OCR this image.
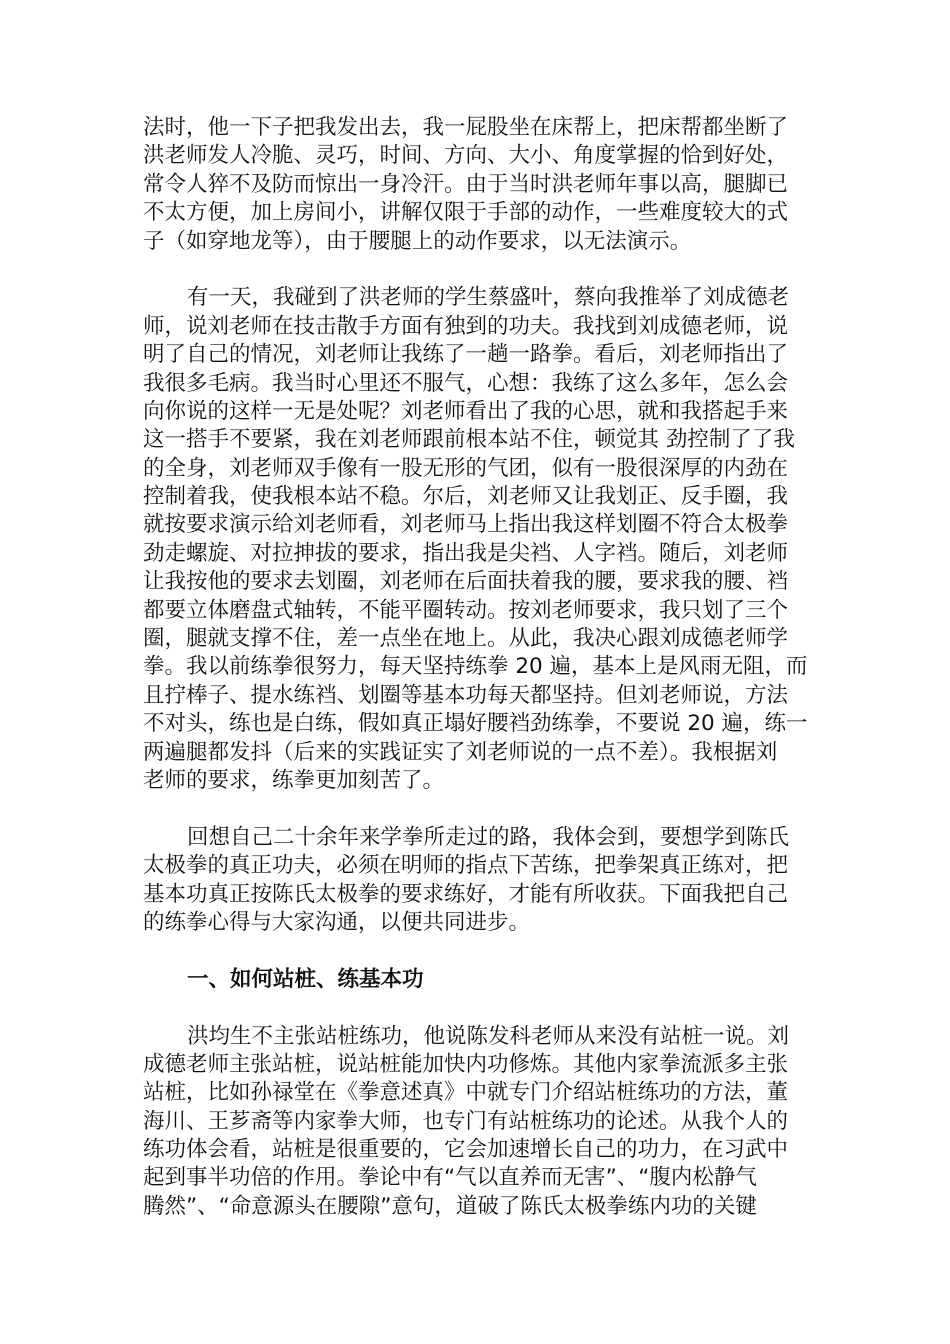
法时，他一下子把我发出去，我一屁股坐在床帮上，把床帮都坐断了
洪老师发人冷脆、灵巧，时间、方向、大小、角度掌握的恰到好处，
常令人猝不及防而惊出一身冷汗。由于当时洪老师年事以高，腿脚已
不太方便，加上房间小，讲解仅限于手部的动作，一些难度较大的式
子（如穿地龙等），由于腰腿上的动作要求，以无法演示。
有一天，我碰到了洪老师的学生蔡盛叶，蔡向我推举了刘成德老
师，说刘老师在技击散手方面有独到的功夫。我找到刘成德老师，说
明了自己的情况，刘老师让我练了一趟一路拳。看后，刘老师指出了
我很多毛病。我当时心里还不服气，心想：我练了这么多年，怎么会
向你说的这样一无是处呢？刘老师看出了我的心思，就和我搭起手来
这一搭手不要紧，我在刘老师跟前根本站不住，顿觉其 劲控制了了我
的全身，刘老师双手像有一股无形的气团，似有一股很深厚的内劲在
控制着我，使我根本站不稳。尔后，刘老师又让我划正、反手圈，我
就按要求演示给刘老师看，刘老师马上指出我这样划圈不符合太极拳
劲走螺旋、对拉抻拔的要求，指出我是尖裆、人字裆。随后，刘老师
让我按他的要求去划圈，刘老师在后面扶着我的腰，要求我的腰、裆
都要立体磨盘式轴转，不能平圈转动。按刘老师要求，我只划了三个
圈，腿就支撑不住，差一点坐在地上。从此，我决心跟刘成德老师学
拳。我以前练拳很努力，每天坚持练拳 20 遍，基本上是风雨无阻，而
且拧棒子、提水练裆、划圈等基本功每天都坚持。但刘老师说，方法
不对头，练也是白练，假如真正塌好腰裆劲练拳，不要说 20 遍，练一
两遍腿都发抖（后来的实践证实了刘老师说的一点不差）。我根据刘
老师的要求，练拳更加刻苦了。
回想自己二十余年来学拳所走过的路，我体会到，要想学到陈氏
太极拳的真正功夫，必须在明师的指点下苦练，把拳架真正练对，把
基本功真正按陈氏太极拳的要求练好，才能有所收获。下面我把自己
的练拳心得与大家沟通，以便共同进步。
一、如何站桩、练基本功
洪均生不主张站桩练功，他说陈发科老师从来没有站桩一说。刘
成德老师主张站桩，说站桩能加快内功修炼。其他内家拳流派多主张
站桩，比如孙禄堂在《拳意述真》中就专门介绍站桩练功的方法，董
海川、王芗斋等内家拳大师，也专门有站桩练功的论述。从我个人的
练功体会看，站桩是很重要的，它会加速增长自己的功力，在习武中
起到事半功倍的作用。拳论中有“气以直养而无害”、“腹内松静气
腾然”、“命意源头在腰隙”意句，道破了陈氏太极拳练内功的关键
